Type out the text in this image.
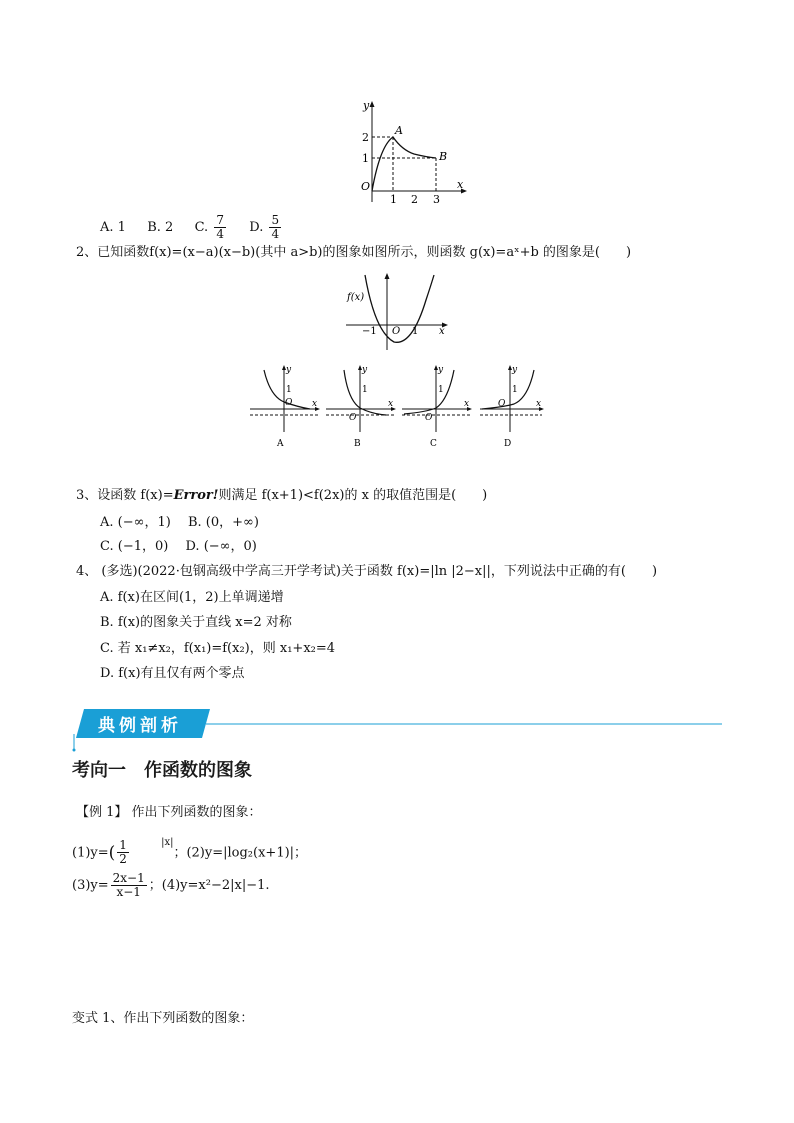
y
x
O
A
B
2
1
1 2 3
A. 1  B. 2  C. $\frac{7}{4}$
  D. $\frac{5}{4}$
2、已知函数f(x)=(x−a)(x−b)(其中 a>b)的图象如图所示，则函数 g(x)=aˣ+b 的图象是(　　)
f(x)
O	x
−1	1
y
x
O
1
A
y
x
O
1
B
y
x
O
1
C
y
x
O
1
D
3、设函数 f(x)=Error!则满足 f(x+1)<f(2x)的 x 的取值范围是(　　)
A. (−∞，1)  B. (0，+∞)
C. (−1，0)  D. (−∞，0)
4、 (多选)(2022·包钢高级中学高三开学考试)关于函数 f(x)=|ln |2−x||，下列说法中正确的有(　　)
A. f(x)在区间(1，2)上单调递增
B. f(x)的图象关于直线 x=2 对称
C. 若 x₁≠x₂，f(x₁)=f(x₂)，则 x₁+x₂=4
D. f(x)有且仅有两个零点
典例剖析
考向一　作函数的图象
【例 1】 作出下列函数的图象：
$(1)y=( \frac{1}{2}$
  	$^{|x|}$；(2)y=|log₂(x+1)|；
$(3)y= \frac{2x-1}{x-1}$ ；(4)y=x²−2|x|−1.
变式 1、作出下列函数的图象：
